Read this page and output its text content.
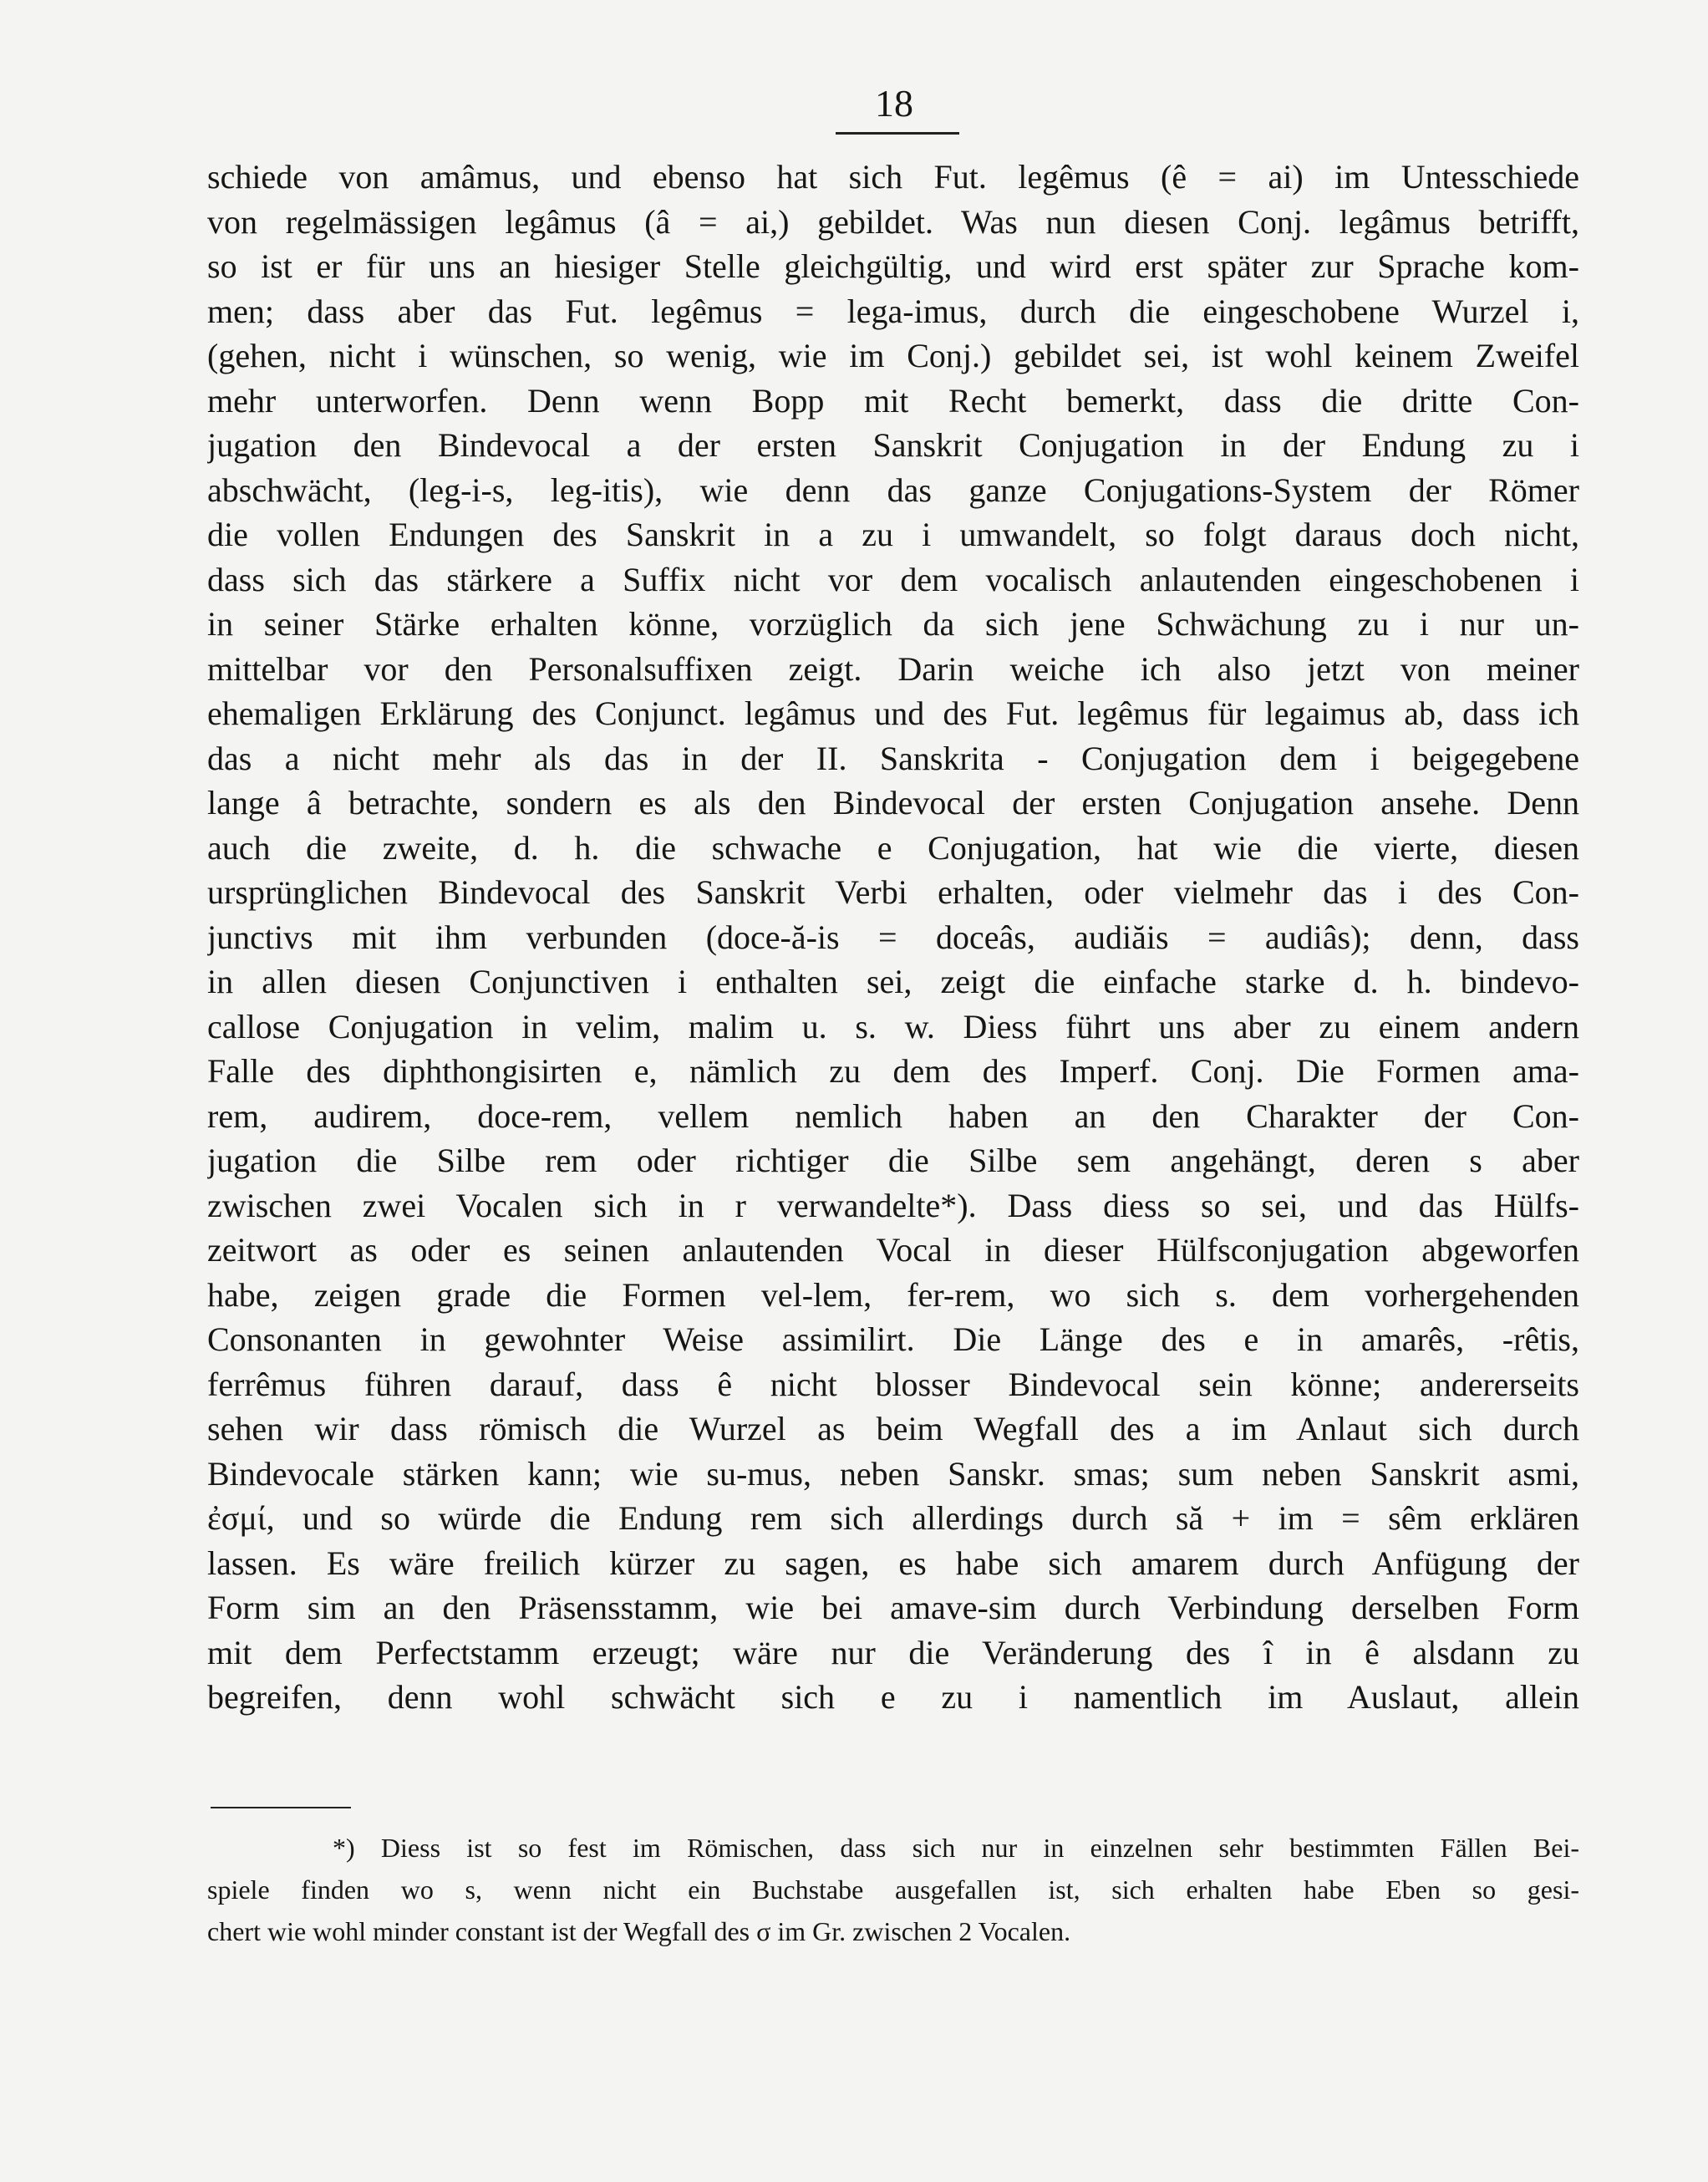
18
schiede von amâmus, und ebenso hat sich Fut. legêmus (ê = ai) im Untesschiede
von regelmässigen legâmus (â = ai,) gebildet. Was nun diesen Conj. legâmus betrifft,
so ist er für uns an hiesiger Stelle gleichgültig, und wird erst später zur Sprache kom-
men; dass aber das Fut. legêmus = lega-imus, durch die eingeschobene Wurzel i,
(gehen, nicht i wünschen, so wenig, wie im Conj.) gebildet sei, ist wohl keinem Zweifel
mehr unterworfen. Denn wenn Bopp mit Recht bemerkt, dass die dritte Con-
jugation den Bindevocal a der ersten Sanskrit Conjugation in der Endung zu i
abschwächt, (leg-i-s, leg-itis), wie denn das ganze Conjugations-System der Römer
die vollen Endungen des Sanskrit in a zu i umwandelt, so folgt daraus doch nicht,
dass sich das stärkere a Suffix nicht vor dem vocalisch anlautenden eingeschobenen i
in seiner Stärke erhalten könne, vorzüglich da sich jene Schwächung zu i nur un-
mittelbar vor den Personalsuffixen zeigt. Darin weiche ich also jetzt von meiner
ehemaligen Erklärung des Conjunct. legâmus und des Fut. legêmus für legaimus ab, dass ich
das a nicht mehr als das in der II. Sanskrita - Conjugation dem i beigegebene
lange â betrachte, sondern es als den Bindevocal der ersten Conjugation ansehe. Denn
auch die zweite, d. h. die schwache e Conjugation, hat wie die vierte, diesen
ursprünglichen Bindevocal des Sanskrit Verbi erhalten, oder vielmehr das i des Con-
junctivs mit ihm verbunden (doce-ă-is = doceâs, audiăis = audiâs); denn, dass
in allen diesen Conjunctiven i enthalten sei, zeigt die einfache starke d. h. bindevo-
callose Conjugation in velim, malim u. s. w. Diess führt uns aber zu einem andern
Falle des diphthongisirten e, nämlich zu dem des Imperf. Conj. Die Formen ama-
rem, audirem, doce-rem, vellem nemlich haben an den Charakter der Con-
jugation die Silbe rem oder richtiger die Silbe sem angehängt, deren s aber
zwischen zwei Vocalen sich in r verwandelte*). Dass diess so sei, und das Hülfs-
zeitwort as oder es seinen anlautenden Vocal in dieser Hülfsconjugation abgeworfen
habe, zeigen grade die Formen vel-lem, fer-rem, wo sich s. dem vorhergehenden
Consonanten in gewohnter Weise assimilirt. Die Länge des e in amarês, -rêtis,
ferrêmus führen darauf, dass ê nicht blosser Bindevocal sein könne; andererseits
sehen wir dass römisch die Wurzel as beim Wegfall des a im Anlaut sich durch
Bindevocale stärken kann; wie su-mus, neben Sanskr. smas; sum neben Sanskrit asmi,
ἐσμί, und so würde die Endung rem sich allerdings durch să + im = sêm erklären
lassen. Es wäre freilich kürzer zu sagen, es habe sich amarem durch Anfügung der
Form sim an den Präsensstamm, wie bei amave-sim durch Verbindung derselben Form
mit dem Perfectstamm erzeugt; wäre nur die Veränderung des î in ê alsdann zu
begreifen, denn wohl schwächt sich e zu i namentlich im Auslaut, allein
*) Diess ist so fest im Römischen, dass sich nur in einzelnen sehr bestimmten Fällen Bei-
spiele finden wo s, wenn nicht ein Buchstabe ausgefallen ist, sich erhalten habe Eben so gesi-
chert wie wohl minder constant ist der Wegfall des σ im Gr. zwischen 2 Vocalen.
